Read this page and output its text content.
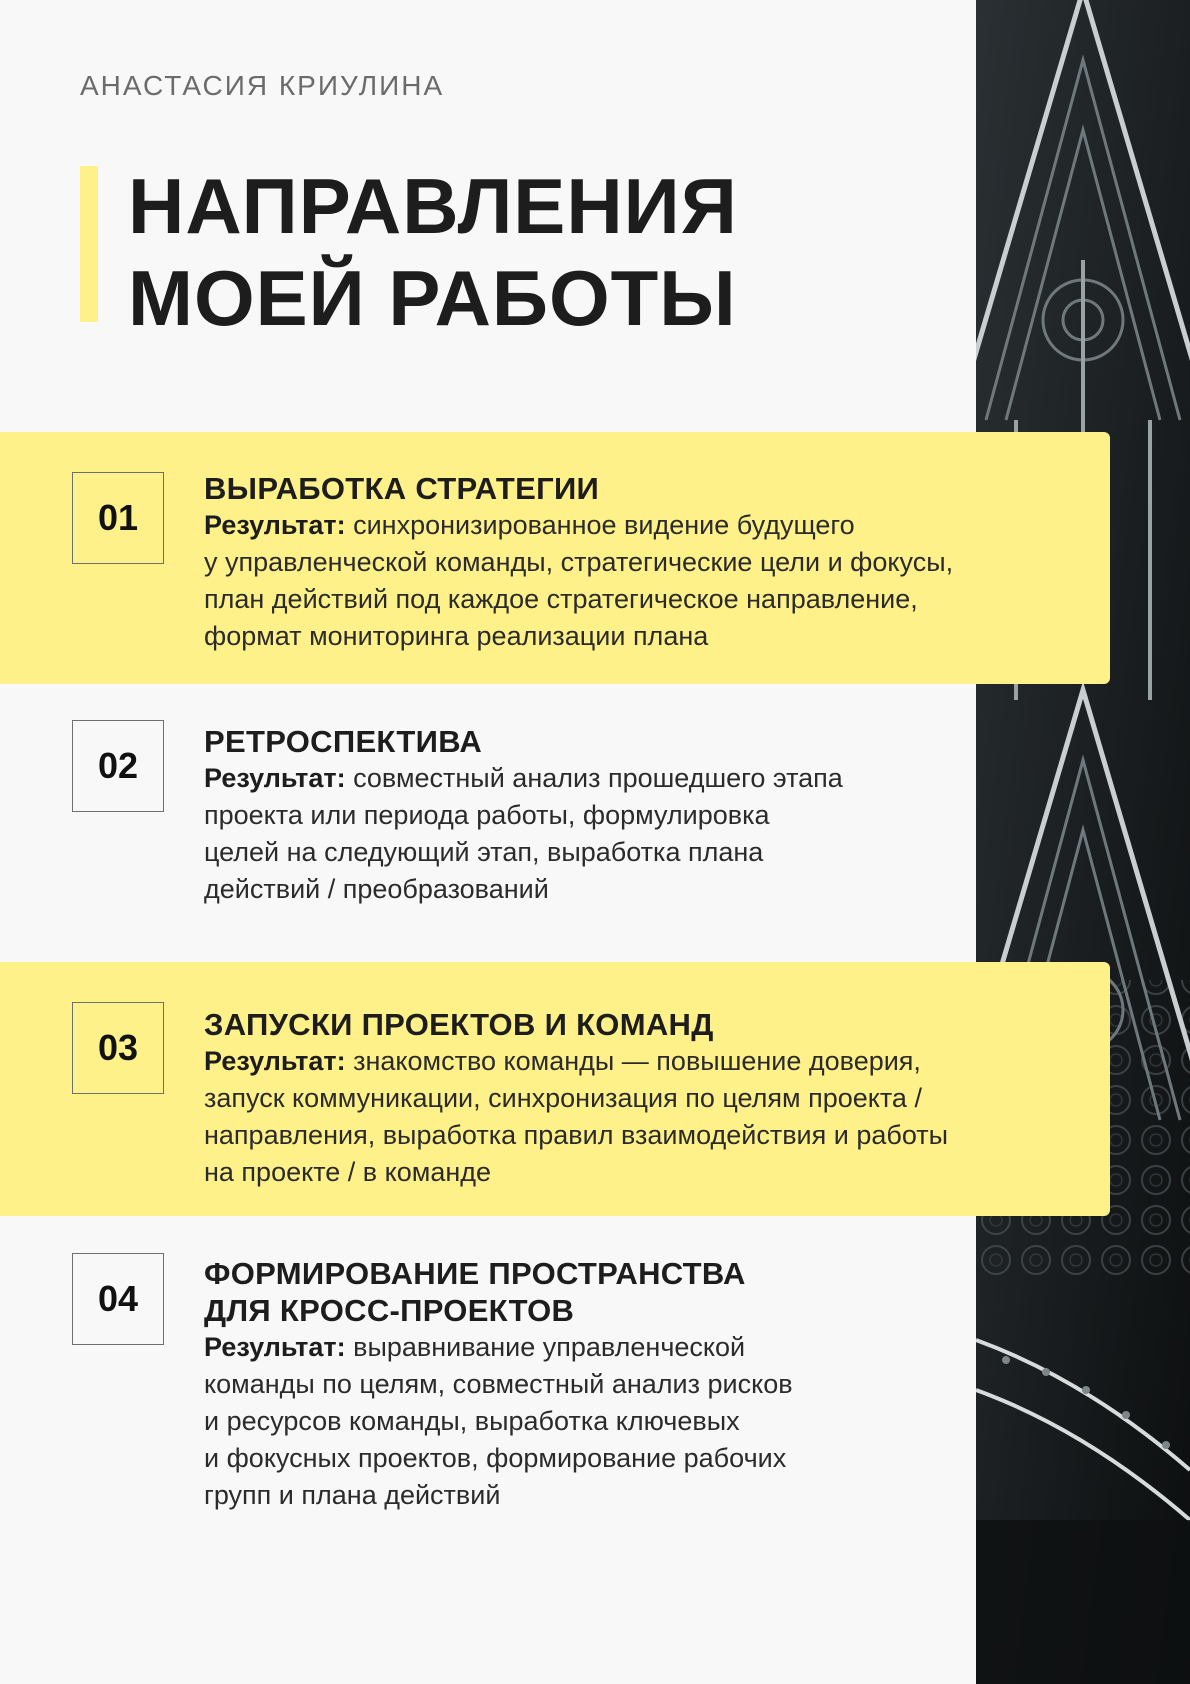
АНАСТАСИЯ КРИУЛИНА
НАПРАВЛЕНИЯ
МОЕЙ РАБОТЫ
01

ВЫРАБОТКА СТРАТЕГИИ

Результат: синхронизированное видение будущего
у управленческой команды, стратегические цели и фокусы,
план действий под каждое стратегическое направление,
формат мониторинга реализации плана

02

РЕТРОСПЕКТИВА

Результат: совместный анализ прошедшего этапа
проекта или периода работы, формулировка
целей на следующий этап, выработка плана
действий / преобразований

03

ЗАПУСКИ ПРОЕКТОВ И КОМАНД

Результат: знакомство команды — повышение доверия,
запуск коммуникации, синхронизация по целям проекта /
направления, выработка правил взаимодействия и работы
на проекте / в команде

04

ФОРМИРОВАНИЕ ПРОСТРАНСТВА

ДЛЯ КРОСС-ПРОЕКТОВ

Результат: выравнивание управленческой
команды по целям, совместный анализ рисков
и ресурсов команды, выработка ключевых
и фокусных проектов, формирование рабочих
групп и плана действий
